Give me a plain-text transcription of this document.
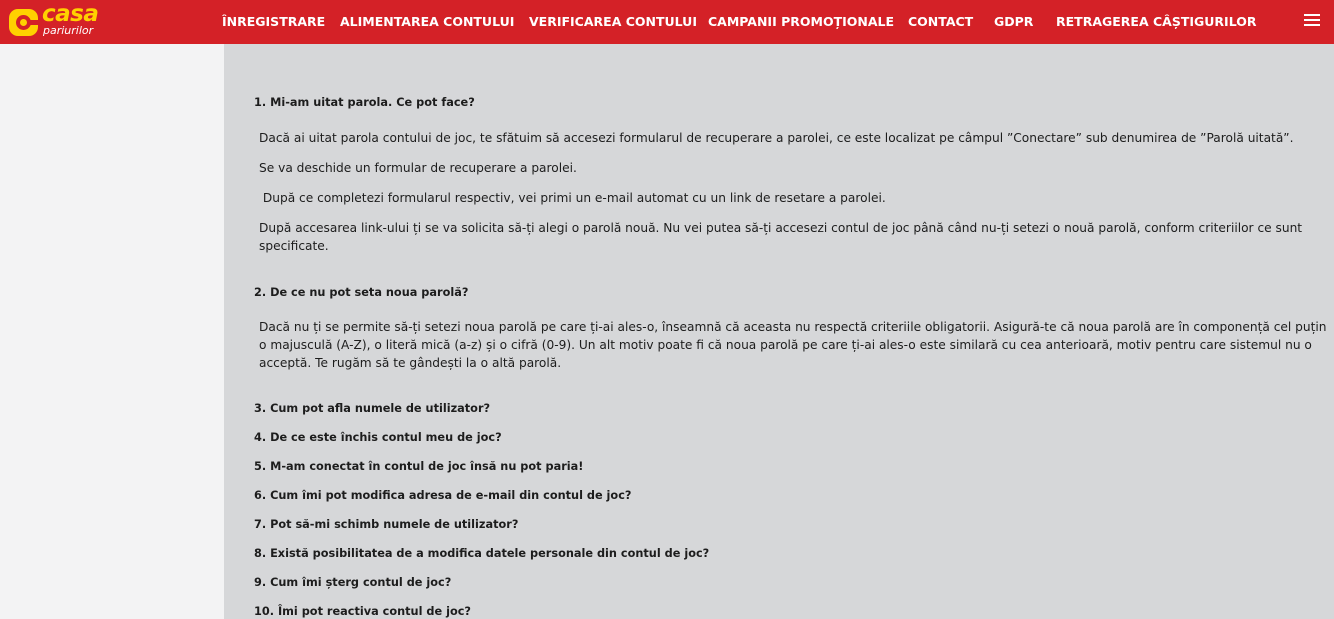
casa
pariurilor
ÎNREGISTRARE ALIMENTAREA CONTULUI VERIFICAREA CONTULUI CAMPANII PROMOȚIONALE CONTACT GDPR RETRAGEREA CÂȘTIGURILOR
1. Mi-am uitat parola. Ce pot face?
Dacă ai uitat parola contului de joc, te sfătuim să accesezi formularul de recuperare a parolei, ce este localizat pe câmpul ”Conectare” sub denumirea de ”Parolă uitată”.
Se va deschide un formular de recuperare a parolei.
După ce completezi formularul respectiv, vei primi un e-mail automat cu un link de resetare a parolei.
După accesarea link-ului ți se va solicita să-ți alegi o parolă nouă. Nu vei putea să-ți accesezi contul de joc până când nu-ți setezi o nouă parolă, conform criteriilor ce sunt specificate.
2. De ce nu pot seta noua parolă?
Dacă nu ți se permite să-ți setezi noua parolă pe care ți-ai ales-o, înseamnă că aceasta nu respectă criteriile obligatorii. Asigură-te că noua parolă are în componență cel puțin o majusculă (A-Z), o literă mică (a-z) și o cifră (0-9). Un alt motiv poate fi că noua parolă pe care ți-ai ales-o este similară cu cea anterioară, motiv pentru care sistemul nu o acceptă. Te rugăm să te gândești la o altă parolă.
3. Cum pot afla numele de utilizator?
4. De ce este închis contul meu de joc?
5. M-am conectat în contul de joc însă nu pot paria!
6. Cum îmi pot modifica adresa de e-mail din contul de joc?
7. Pot să-mi schimb numele de utilizator?
8. Există posibilitatea de a modifica datele personale din contul de joc?
9. Cum îmi șterg contul de joc?
10. Îmi pot reactiva contul de joc?
